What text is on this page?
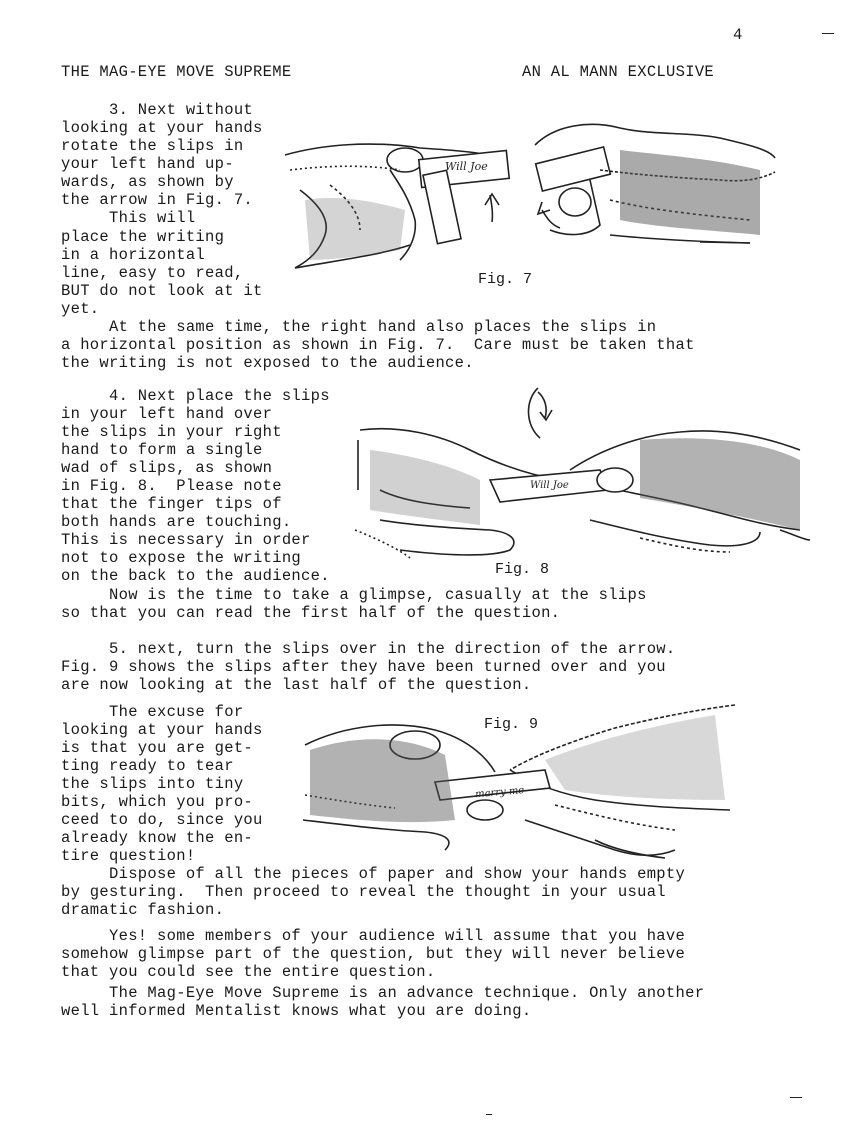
4
THE MAG-EYE MOVE SUPREME	AN AL MANN EXCLUSIVE
3. Next without
looking at your hands
rotate the slips in
your left hand up-
wards, as shown by
the arrow in Fig. 7.
This will
place the writing
in a horizontal
line, easy to read,
BUT do not look at it
yet.
At the same time, the right hand also places the slips in
a horizontal position as shown in Fig. 7.  Care must be taken that
the writing is not exposed to the audience.
4. Next place the slips
in your left hand over
the slips in your right
hand to form a single
wad of slips, as shown
in Fig. 8.  Please note
that the finger tips of
both hands are touching.
This is necessary in order
not to expose the writing
on the back to the audience.
Now is the time to take a glimpse, casually at the slips
so that you can read the first half of the question.
5. next, turn the slips over in the direction of the arrow.
Fig. 9 shows the slips after they have been turned over and you
are now looking at the last half of the question.
The excuse for
looking at your hands
is that you are get-
ting ready to tear
the slips into tiny
bits, which you pro-
ceed to do, since you
already know the en-
tire question!
Dispose of all the pieces of paper and show your hands empty
by gesturing.  Then proceed to reveal the thought in your usual
dramatic fashion.
Yes! some members of your audience will assume that you have
somehow glimpse part of the question, but they will never believe
that you could see the entire question.
The Mag-Eye Move Supreme is an advance technique. Only another
well informed Mentalist knows what you are doing.
Will Joe
Fig. 7
Will Joe
Fig. 8
marry me
Fig. 9
